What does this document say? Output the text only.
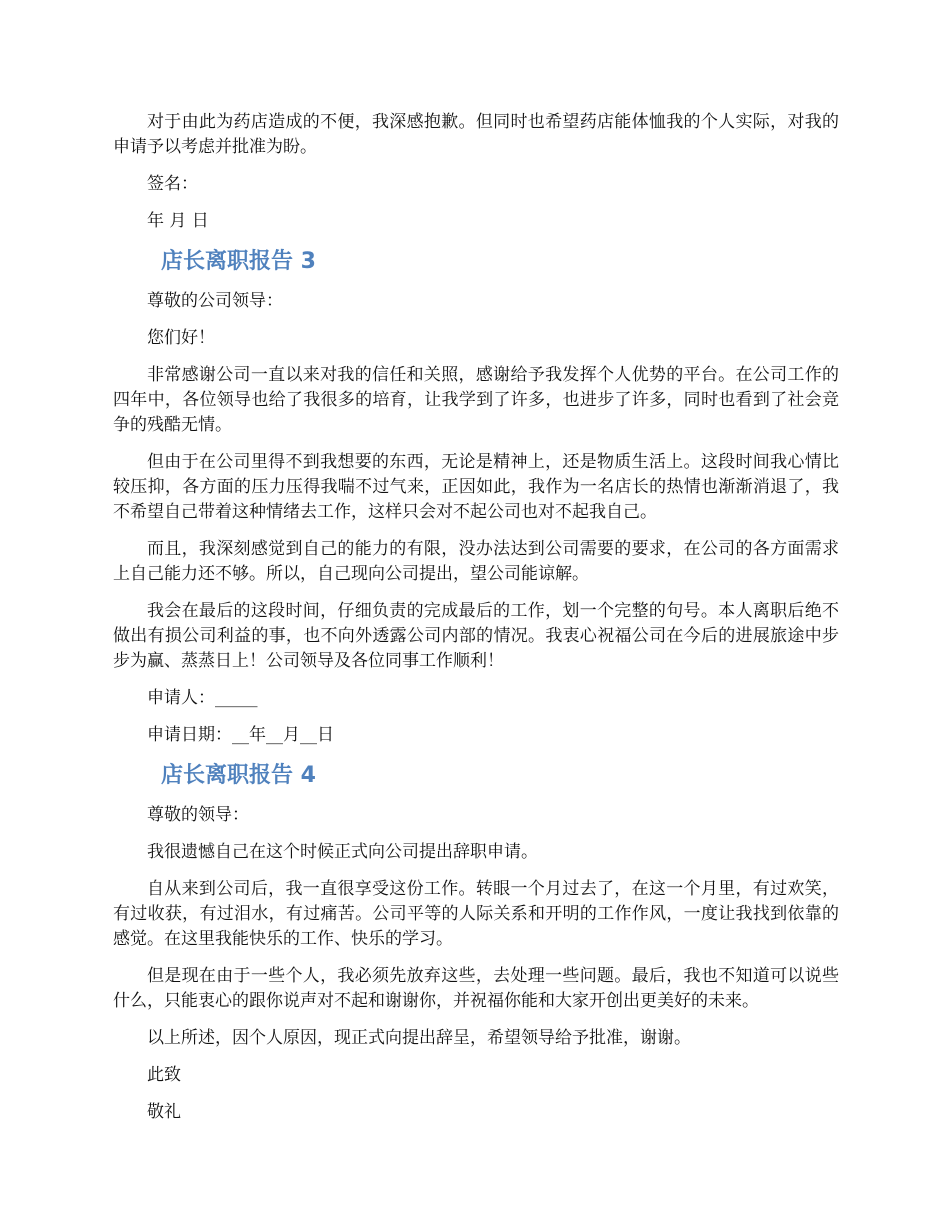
对于由此为药店造成的不便，我深感抱歉。但同时也希望药店能体恤我的个人实际，对我的申请予以考虑并批准为盼。

签名：

年 月 日

店长离职报告 3

尊敬的公司领导：

您们好！

非常感谢公司一直以来对我的信任和关照，感谢给予我发挥个人优势的平台。在公司工作的四年中，各位领导也给了我很多的培育，让我学到了许多，也进步了许多，同时也看到了社会竞争的残酷无情。

但由于在公司里得不到我想要的东西，无论是精神上，还是物质生活上。这段时间我心情比较压抑，各方面的压力压得我喘不过气来，正因如此，我作为一名店长的热情也渐渐消退了，我不希望自己带着这种情绪去工作，这样只会对不起公司也对不起我自己。

而且，我深刻感觉到自己的能力的有限，没办法达到公司需要的要求，在公司的各方面需求上自己能力还不够。所以，自己现向公司提出，望公司能谅解。

我会在最后的这段时间，仔细负责的完成最后的工作，划一个完整的句号。本人离职后绝不做出有损公司利益的事，也不向外透露公司内部的情况。我衷心祝福公司在今后的进展旅途中步步为赢、蒸蒸日上！公司领导及各位同事工作顺利！

申请人：_____

申请日期：__年__月__日

店长离职报告 4

尊敬的领导：

我很遗憾自己在这个时候正式向公司提出辞职申请。

自从来到公司后，我一直很享受这份工作。转眼一个月过去了，在这一个月里，有过欢笑，有过收获，有过泪水，有过痛苦。公司平等的人际关系和开明的工作作风，一度让我找到依靠的感觉。在这里我能快乐的工作、快乐的学习。

但是现在由于一些个人，我必须先放弃这些，去处理一些问题。最后，我也不知道可以说些什么，只能衷心的跟你说声对不起和谢谢你，并祝福你能和大家开创出更美好的未来。

以上所述，因个人原因，现正式向提出辞呈，希望领导给予批准，谢谢。

此致

敬礼
